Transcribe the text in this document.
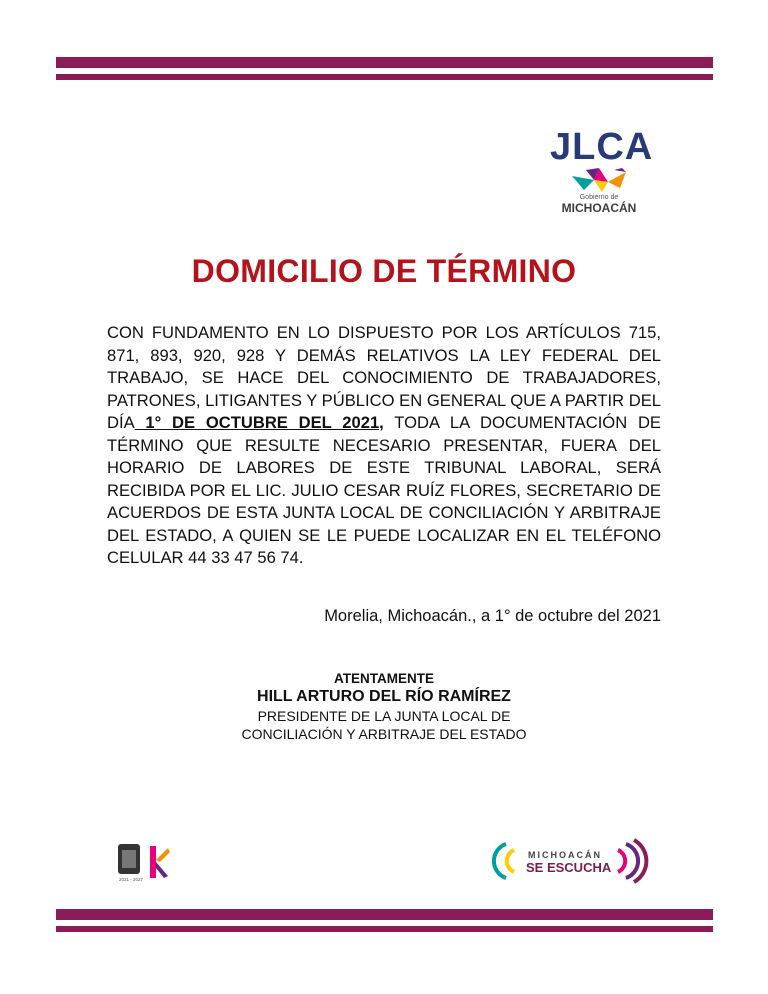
JLCA
Gobierno de
MICHOACÁN
DOMICILIO DE TÉRMINO

CON FUNDAMENTO EN LO DISPUESTO POR LOS ARTÍCULOS 715, 871, 893, 920, 928 Y DEMÁS RELATIVOS LA LEY FEDERAL DEL TRABAJO, SE HACE DEL CONOCIMIENTO DE TRABAJADORES, PATRONES, LITIGANTES Y PÚBLICO EN GENERAL QUE A PARTIR DEL DÍA 1° DE OCTUBRE DEL 2021, TODA LA DOCUMENTACIÓN DE TÉRMINO QUE RESULTE NECESARIO PRESENTAR, FUERA DEL HORARIO DE LABORES DE ESTE TRIBUNAL LABORAL, SERÁ RECIBIDA POR EL LIC. JULIO CESAR RUÍZ FLORES, SECRETARIO DE ACUERDOS DE ESTA JUNTA LOCAL DE CONCILIACIÓN Y ARBITRAJE DEL ESTADO, A QUIEN SE LE PUEDE LOCALIZAR EN EL TELÉFONO CELULAR 44 33 47 56 74.

Morelia, Michoacán., a 1° de octubre del 2021

ATENTAMENTE
HILL ARTURO DEL RÍO RAMÍREZ
PRESIDENTE DE LA JUNTA LOCAL DE
CONCILIACIÓN Y ARBITRAJE DEL ESTADO
2021 - 2027
MICHOACÁN
SE ESCUCHA
